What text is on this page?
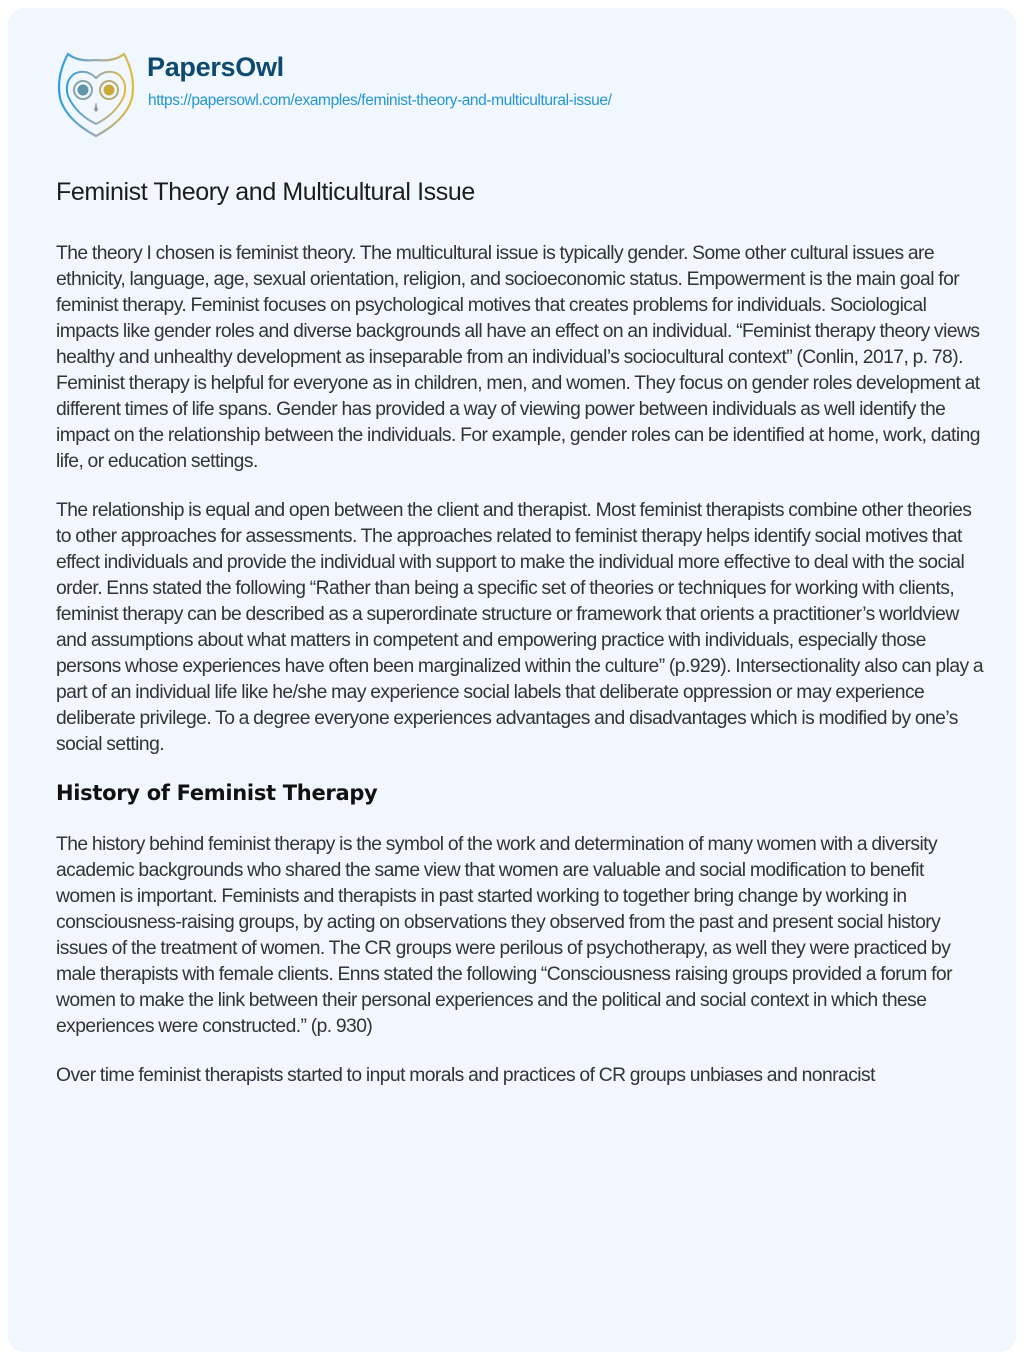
PapersOwl
https://papersowl.com/examples/feminist-theory-and-multicultural-issue/
Feminist Theory and Multicultural Issue

The theory I chosen is feminist theory. The multicultural issue is typically gender. Some other cultural issues are ethnicity, language, age, sexual orientation, religion, and socioeconomic status. Empowerment is the main goal for feminist therapy. Feminist focuses on psychological motives that creates problems for individuals. Sociological impacts like gender roles and diverse backgrounds all have an effect on an individual. “Feminist therapy theory views healthy and unhealthy development as inseparable from an individual’s sociocultural context” (Conlin, 2017, p. 78). Feminist therapy is helpful for everyone as in children, men, and women. They focus on gender roles development at different times of life spans. Gender has provided a way of viewing power between individuals as well identify the impact on the relationship between the individuals. For example, gender roles can be identified at home, work, dating life, or education settings.

The relationship is equal and open between the client and therapist. Most feminist therapists combine other theories to other approaches for assessments. The approaches related to feminist therapy helps identify social motives that effect individuals and provide the individual with support to make the individual more effective to deal with the social order. Enns stated the following “Rather than being a specific set of theories or techniques for working with clients, feminist therapy can be described as a superordinate structure or framework that orients a practitioner’s worldview and assumptions about what matters in competent and empowering practice with individuals, especially those persons whose experiences have often been marginalized within the culture” (p.929). Intersectionality also can play a part of an individual life like he/she may experience social labels that deliberate oppression or may experience deliberate privilege. To a degree everyone experiences advantages and disadvantages which is modified by one’s social setting.

History of Feminist Therapy

The history behind feminist therapy is the symbol of the work and determination of many women with a diversity academic backgrounds who shared the same view that women are valuable and social modification to benefit women is important. Feminists and therapists in past started working to together bring change by working in consciousness-raising groups, by acting on observations they observed from the past and present social history issues of the treatment of women. The CR groups were perilous of psychotherapy, as well they were practiced by male therapists with female clients. Enns stated the following “Consciousness raising groups provided a forum for women to make the link between their personal experiences and the political and social context in which these experiences were constructed.” (p. 930)

Over time feminist therapists started to input morals and practices of CR groups unbiases and nonracist
